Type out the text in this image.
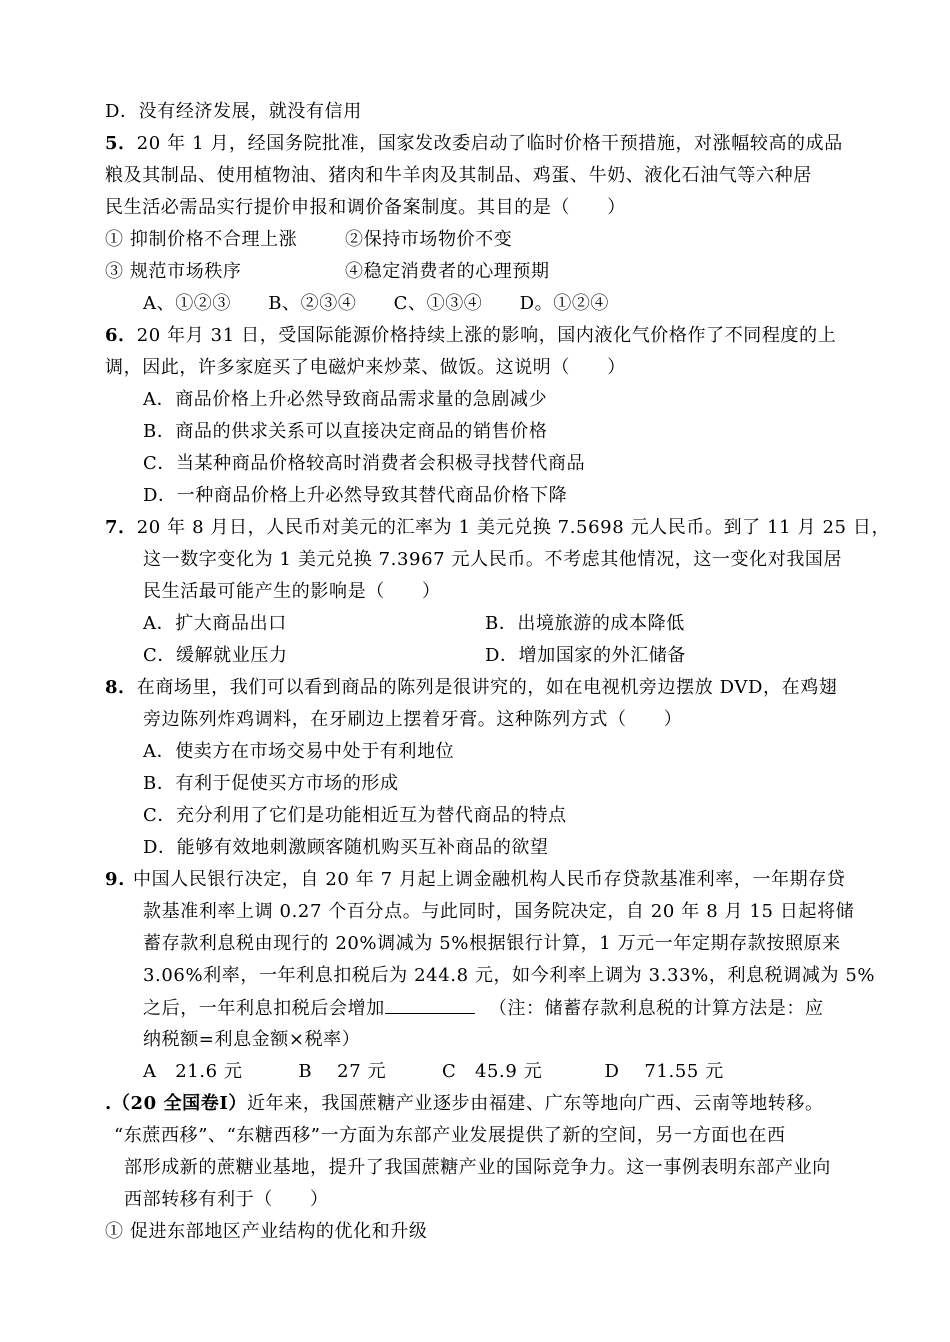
D．没有经济发展，就没有信用
5．20 年 1 月，经国务院批准，国家发改委启动了临时价格干预措施，对涨幅较高的成品
粮及其制品、使用植物油、猪肉和牛羊肉及其制品、鸡蛋、牛奶、液化石油气等六种居
民生活必需品实行提价申报和调价备案制度。其目的是（　　）
① 抑制价格不合理上涨	②保持市场物价不变
③ 规范市场秩序	④稳定消费者的心理预期
A、①②③　　B、②③④　　C、①③④　　D。①②④
6．20 年月 31 日，受国际能源价格持续上涨的影响，国内液化气价格作了不同程度的上
调，因此，许多家庭买了电磁炉来炒菜、做饭。这说明（　　）
A．商品价格上升必然导致商品需求量的急剧减少
B．商品的供求关系可以直接决定商品的销售价格
C．当某种商品价格较高时消费者会积极寻找替代商品
D．一种商品价格上升必然导致其替代商品价格下降
7．20 年 8 月日，人民币对美元的汇率为 1 美元兑换 7.5698 元人民币。到了 11 月 25 日，
这一数字变化为 1 美元兑换 7.3967 元人民币。不考虑其他情况，这一变化对我国居
民生活最可能产生的影响是（　　）
A．扩大商品出口	B．出境旅游的成本降低
C．缓解就业压力	D．增加国家的外汇储备
8．在商场里，我们可以看到商品的陈列是很讲究的，如在电视机旁边摆放 DVD，在鸡翅
旁边陈列炸鸡调料，在牙刷边上摆着牙膏。这种陈列方式（　　）
A．使卖方在市场交易中处于有利地位
B．有利于促使买方市场的形成
C．充分利用了它们是功能相近互为替代商品的特点
D．能够有效地刺激顾客随机购买互补商品的欲望
9. 中国人民银行决定，自 20 年 7 月起上调金融机构人民币存贷款基准利率，一年期存贷
款基准利率上调 0.27 个百分点。与此同时，国务院决定，自 20 年 8 月 15 日起将储
蓄存款利息税由现行的 20%调减为 5%根据银行计算，1 万元一年定期存款按照原来
3.06%利率，一年利息扣税后为 244.8 元，如今利率上调为 3.33%，利息税调减为 5%
之后，一年利息扣税后会增加	（注：储蓄存款利息税的计算方法是：应
纳税额=利息金额×税率）
A　21.6 元　　　B　 27 元　　　C　45.9 元　　　 D　 71.55 元
.（20 全国卷Ⅰ）近年来，我国蔗糖产业逐步由福建、广东等地向广西、云南等地转移。
“东蔗西移”、“东糖西移”一方面为东部产业发展提供了新的空间，另一方面也在西
部形成新的蔗糖业基地，提升了我国蔗糖产业的国际竞争力。这一事例表明东部产业向
西部转移有利于（　　）
① 促进东部地区产业结构的优化和升级
